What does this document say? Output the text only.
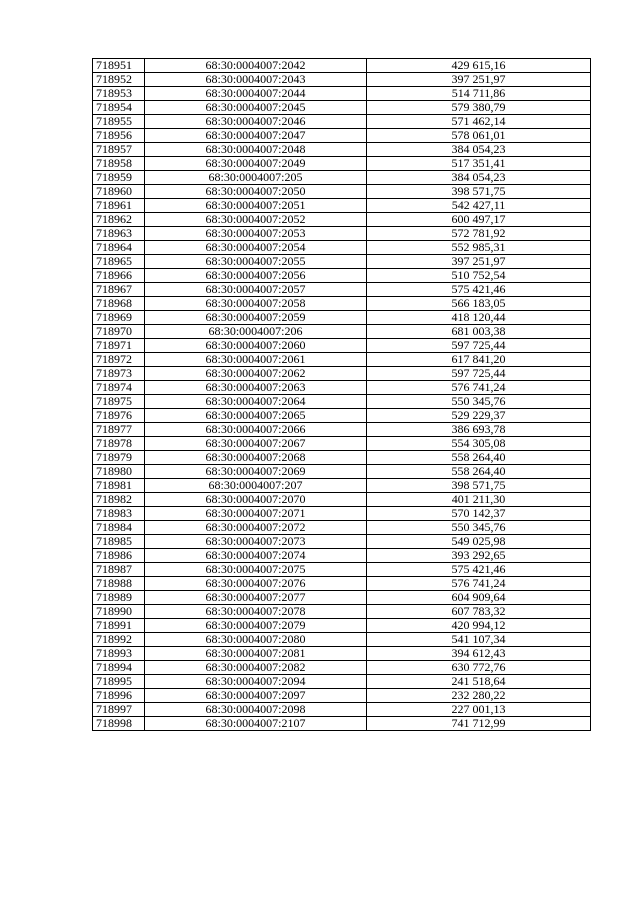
718951	68:30:0004007:2042	429 615,16
718952	68:30:0004007:2043	397 251,97
718953	68:30:0004007:2044	514 711,86
718954	68:30:0004007:2045	579 380,79
718955	68:30:0004007:2046	571 462,14
718956	68:30:0004007:2047	578 061,01
718957	68:30:0004007:2048	384 054,23
718958	68:30:0004007:2049	517 351,41
718959	68:30:0004007:205	384 054,23
718960	68:30:0004007:2050	398 571,75
718961	68:30:0004007:2051	542 427,11
718962	68:30:0004007:2052	600 497,17
718963	68:30:0004007:2053	572 781,92
718964	68:30:0004007:2054	552 985,31
718965	68:30:0004007:2055	397 251,97
718966	68:30:0004007:2056	510 752,54
718967	68:30:0004007:2057	575 421,46
718968	68:30:0004007:2058	566 183,05
718969	68:30:0004007:2059	418 120,44
718970	68:30:0004007:206	681 003,38
718971	68:30:0004007:2060	597 725,44
718972	68:30:0004007:2061	617 841,20
718973	68:30:0004007:2062	597 725,44
718974	68:30:0004007:2063	576 741,24
718975	68:30:0004007:2064	550 345,76
718976	68:30:0004007:2065	529 229,37
718977	68:30:0004007:2066	386 693,78
718978	68:30:0004007:2067	554 305,08
718979	68:30:0004007:2068	558 264,40
718980	68:30:0004007:2069	558 264,40
718981	68:30:0004007:207	398 571,75
718982	68:30:0004007:2070	401 211,30
718983	68:30:0004007:2071	570 142,37
718984	68:30:0004007:2072	550 345,76
718985	68:30:0004007:2073	549 025,98
718986	68:30:0004007:2074	393 292,65
718987	68:30:0004007:2075	575 421,46
718988	68:30:0004007:2076	576 741,24
718989	68:30:0004007:2077	604 909,64
718990	68:30:0004007:2078	607 783,32
718991	68:30:0004007:2079	420 994,12
718992	68:30:0004007:2080	541 107,34
718993	68:30:0004007:2081	394 612,43
718994	68:30:0004007:2082	630 772,76
718995	68:30:0004007:2094	241 518,64
718996	68:30:0004007:2097	232 280,22
718997	68:30:0004007:2098	227 001,13
718998	68:30:0004007:2107	741 712,99
